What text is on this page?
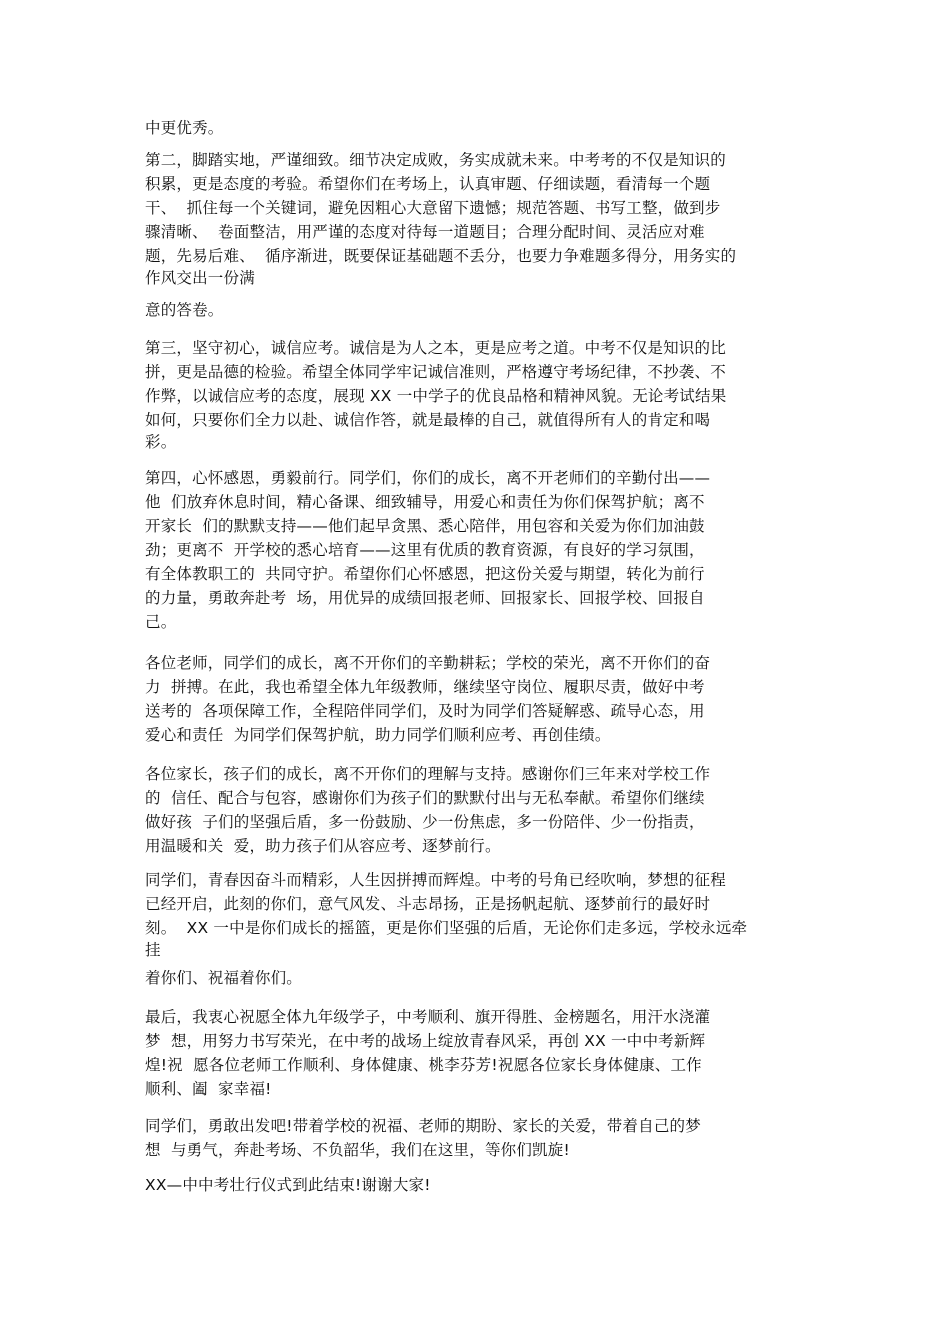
中更优秀。

第二，脚踏实地，严谨细致。细节决定成败，务实成就未来。中考考的不仅是知识的
积累，更是态度的考验。希望你们在考场上，认真审题、仔细读题，看清每一个题
干、  抓住每一个关键词，避免因粗心大意留下遗憾；规范答题、书写工整，做到步
骤清晰、  卷面整洁，用严谨的态度对待每一道题目；合理分配时间、灵活应对难
题，先易后难、  循序渐进，既要保证基础题不丢分，也要力争难题多得分，用务实的
作风交出一份满

意的答卷。

第三，坚守初心，诚信应考。诚信是为人之本，更是应考之道。中考不仅是知识的比
拼，更是品德的检验。希望全体同学牢记诚信准则，严格遵守考场纪律，不抄袭、不
作弊，以诚信应考的态度，展现 XX 一中学子的优良品格和精神风貌。无论考试结果
如何，只要你们全力以赴、诚信作答，就是最棒的自己，就值得所有人的肯定和喝
彩。

第四，心怀感恩，勇毅前行。同学们，你们的成长，离不开老师们的辛勤付出——
他  们放弃休息时间，精心备课、细致辅导，用爱心和责任为你们保驾护航；离不
开家长  们的默默支持——他们起早贪黑、悉心陪伴，用包容和关爱为你们加油鼓
劲；更离不  开学校的悉心培育——这里有优质的教育资源，有良好的学习氛围，
有全体教职工的  共同守护。希望你们心怀感恩，把这份关爱与期望，转化为前行
的力量，勇敢奔赴考  场，用优异的成绩回报老师、回报家长、回报学校、回报自
己。

各位老师，同学们的成长，离不开你们的辛勤耕耘；学校的荣光，离不开你们的奋
力  拼搏。在此，我也希望全体九年级教师，继续坚守岗位、履职尽责，做好中考
送考的  各项保障工作，全程陪伴同学们，及时为同学们答疑解惑、疏导心态，用
爱心和责任  为同学们保驾护航，助力同学们顺利应考、再创佳绩。

各位家长，孩子们的成长，离不开你们的理解与支持。感谢你们三年来对学校工作
的  信任、配合与包容，感谢你们为孩子们的默默付出与无私奉献。希望你们继续
做好孩  子们的坚强后盾，多一份鼓励、少一份焦虑，多一份陪伴、少一份指责，
用温暖和关  爱，助力孩子们从容应考、逐梦前行。

同学们，青春因奋斗而精彩，人生因拼搏而辉煌。中考的号角已经吹响，梦想的征程
已经开启，此刻的你们，意气风发、斗志昂扬，正是扬帆起航、逐梦前行的最好时
刻。  XX 一中是你们成长的摇篮，更是你们坚强的后盾，无论你们走多远，学校永远牵
挂

着你们、祝福着你们。

最后，我衷心祝愿全体九年级学子，中考顺利、旗开得胜、金榜题名，用汗水浇灌
梦  想，用努力书写荣光，在中考的战场上绽放青春风采，再创 XX 一中中考新辉
煌!祝  愿各位老师工作顺利、身体健康、桃李芬芳!祝愿各位家长身体健康、工作
顺利、阖  家幸福!

同学们，勇敢出发吧!带着学校的祝福、老师的期盼、家长的关爱，带着自己的梦
想  与勇气，奔赴考场、不负韶华，我们在这里，等你们凯旋!

XX—中中考壮行仪式到此结束!谢谢大家!
